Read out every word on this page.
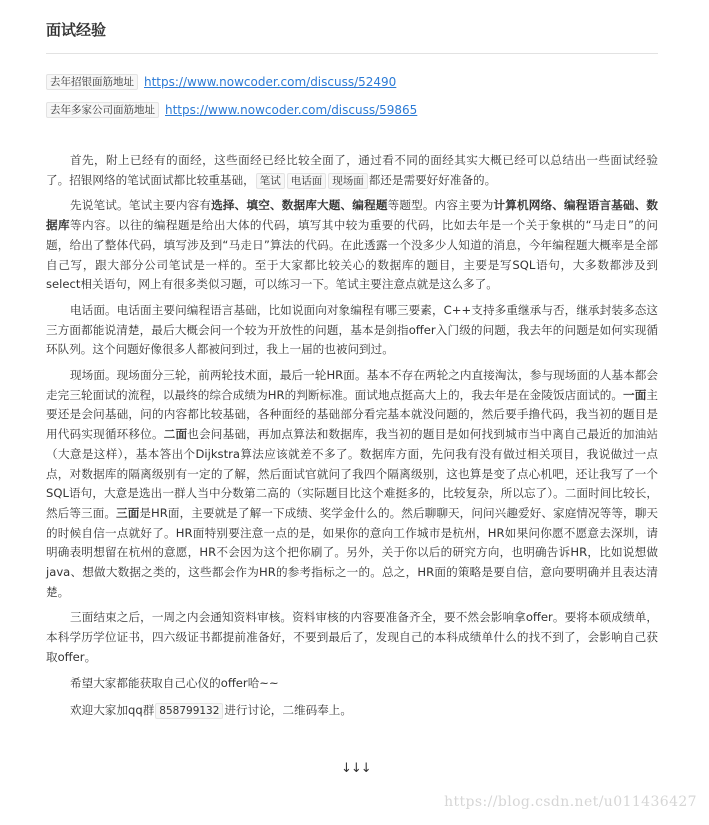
面试经验
去年招银面筋地址 https://www.nowcoder.com/discuss/52490
去年多家公司面筋地址 https://www.nowcoder.com/discuss/59865

首先，附上已经有的面经，这些面经已经比较全面了，通过看不同的面经其实大概已经可以总结出一些面试经验了。招银网络的笔试面试都比较重基础， 笔试 电话面 现场面 都还是需要好好准备的。

先说笔试。笔试主要内容有选择、填空、数据库大题、编程题等题型。内容主要为计算机网络、编程语言基础、数据库等内容。以往的编程题是给出大体的代码，填写其中较为重要的代码，比如去年是一个关于象棋的“马走日”的问题，给出了整体代码，填写涉及到“马走日”算法的代码。在此透露一个没多少人知道的消息，今年编程题大概率是全部自己写，跟大部分公司笔试是一样的。至于大家都比较关心的数据库的题目，主要是写SQL语句，大多数都涉及到select相关语句，网上有很多类似习题，可以练习一下。笔试主要注意点就是这么多了。

电话面。电话面主要问编程语言基础，比如说面向对象编程有哪三要素，C++支持多重继承与否，继承封装多态这三方面都能说清楚，最后大概会问一个较为开放性的问题，基本是剑指offer入门级的问题，我去年的问题是如何实现循环队列。这个问题好像很多人都被问到过，我上一届的也被问到过。

现场面。现场面分三轮，前两轮技术面，最后一轮HR面。基本不存在两轮之内直接淘汰，参与现场面的人基本都会走完三轮面试的流程，以最终的综合成绩为HR的判断标准。面试地点挺高大上的，我去年是在金陵饭店面试的。一面主要还是会问基础，问的内容都比较基础，各种面经的基础部分看完基本就没问题的，然后要手撸代码，我当初的题目是用代码实现循环移位。二面也会问基础，再加点算法和数据库，我当初的题目是如何找到城市当中离自己最近的加油站（大意是这样），基本答出个Dijkstra算法应该就差不多了。数据库方面，先问我有没有做过相关项目，我说做过一点点，对数据库的隔离级别有一定的了解，然后面试官就问了我四个隔离级别，这也算是变了点心机吧，还让我写了一个SQL语句，大意是选出一群人当中分数第二高的（实际题目比这个难挺多的，比较复杂，所以忘了）。二面时间比较长，然后等三面。三面是HR面，主要就是了解一下成绩、奖学金什么的。然后聊聊天，问问兴趣爱好、家庭情况等等，聊天的时候自信一点就好了。HR面特别要注意一点的是，如果你的意向工作城市是杭州，HR如果问你愿不愿意去深圳，请明确表明想留在杭州的意愿，HR不会因为这个把你刷了。另外，关于你以后的研究方向，也明确告诉HR，比如说想做java、想做大数据之类的，这些都会作为HR的参考指标之一的。总之，HR面的策略是要自信，意向要明确并且表达清楚。

三面结束之后，一周之内会通知资料审核。资料审核的内容要准备齐全，要不然会影响拿offer。要将本硕成绩单，本科学历学位证书，四六级证书都提前准备好，不要到最后了，发现自己的本科成绩单什么的找不到了，会影响自己获取offer。

希望大家都能获取自己心仪的offer哈~~

欢迎大家加qq群 858799132 进行讨论，二维码奉上。

↓↓↓
https://blog.csdn.net/u011436427
